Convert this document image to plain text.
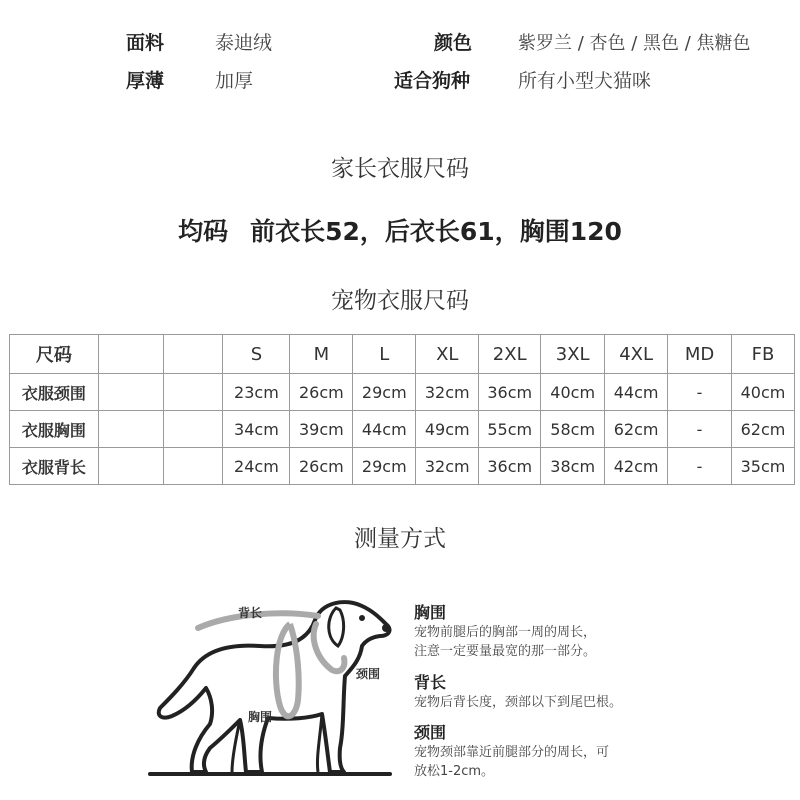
面料	泰迪绒	颜色	紫罗兰 / 杏色 / 黑色 / 焦糖色
厚薄	加厚	适合狗种	所有小型犬猫咪
家长衣服尺码
均码 前衣长52，后衣长61，胸围120
宠物衣服尺码
尺码			S	M	L	XL	2XL	3XL	4XL	MD	FB
衣服颈围			23cm	26cm	29cm	32cm	36cm	40cm	44cm	-	40cm
衣服胸围			34cm	39cm	44cm	49cm	55cm	58cm	62cm	-	62cm
衣服背长			24cm	26cm	29cm	32cm	36cm	38cm	42cm	-	35cm
测量方式
背长
颈围
胸围
胸围
宠物前腿后的胸部一周的周长，
注意一定要量最宽的那一部分。
背长
宠物后背长度，颈部以下到尾巴根。
颈围
宠物颈部靠近前腿部分的周长，可
放松1-2cm。
